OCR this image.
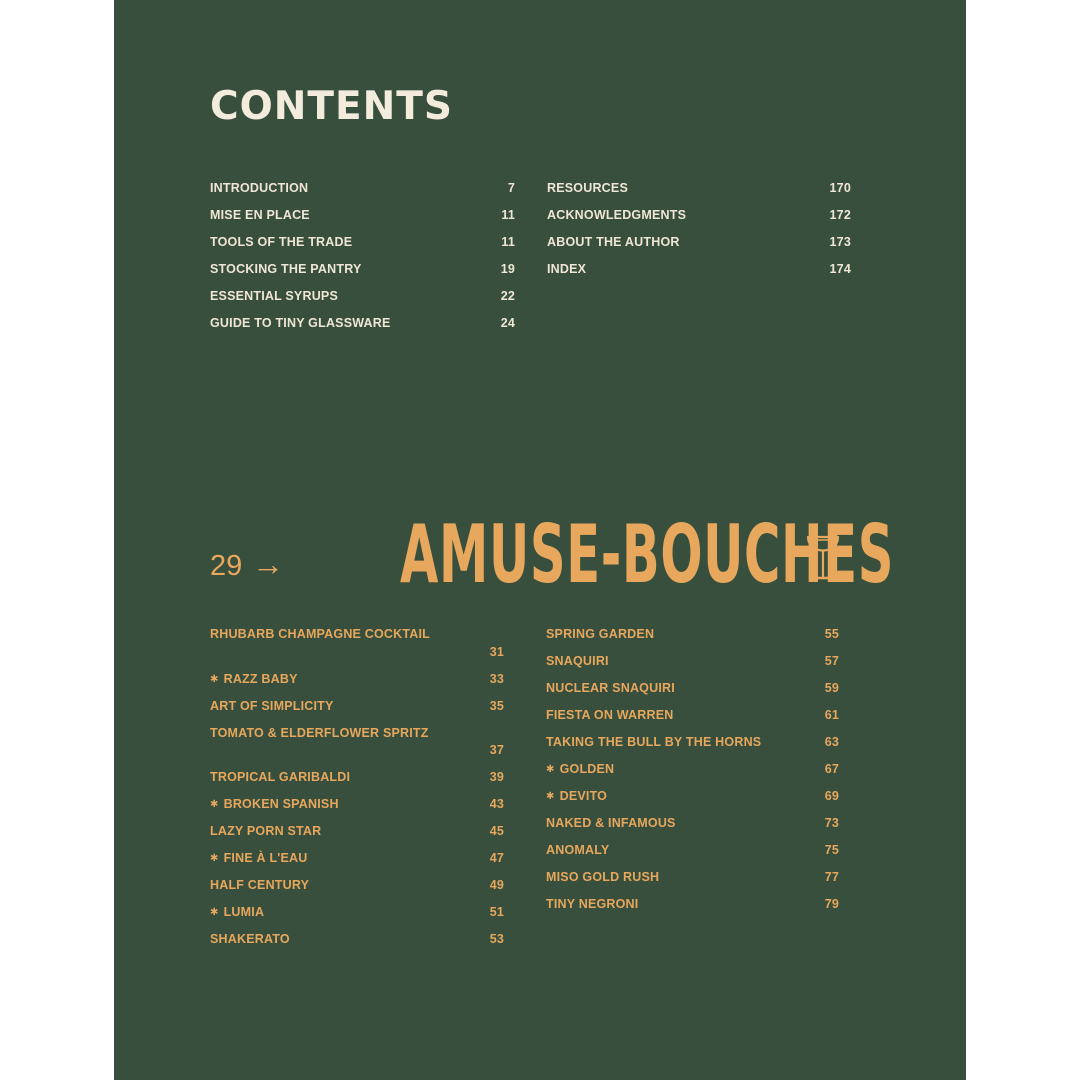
CONTENTS
INTRODUCTION	7
MISE EN PLACE	11
TOOLS OF THE TRADE	11
STOCKING THE PANTRY	19
ESSENTIAL SYRUPS	22
GUIDE TO TINY GLASSWARE	24
RESOURCES	170
ACKNOWLEDGMENTS	172
ABOUT THE AUTHOR	173
INDEX	174
29 → AMUSE-BOUCHES
RHUBARB CHAMPAGNE COCKTAIL
31
✱ RAZZ BABY	33
ART OF SIMPLICITY	35
TOMATO & ELDERFLOWER SPRITZ
37
TROPICAL GARIBALDI	39
✱ BROKEN SPANISH	43
LAZY PORN STAR	45
✱ FINE À L'EAU	47
HALF CENTURY	49
✱ LUMIA	51
SHAKERATO	53
SPRING GARDEN	55
SNAQUIRI	57
NUCLEAR SNAQUIRI	59
FIESTA ON WARREN	61
TAKING THE BULL BY THE HORNS	63
✱ GOLDEN	67
✱ DEVITO	69
NAKED & INFAMOUS	73
ANOMALY	75
MISO GOLD RUSH	77
TINY NEGRONI	79
